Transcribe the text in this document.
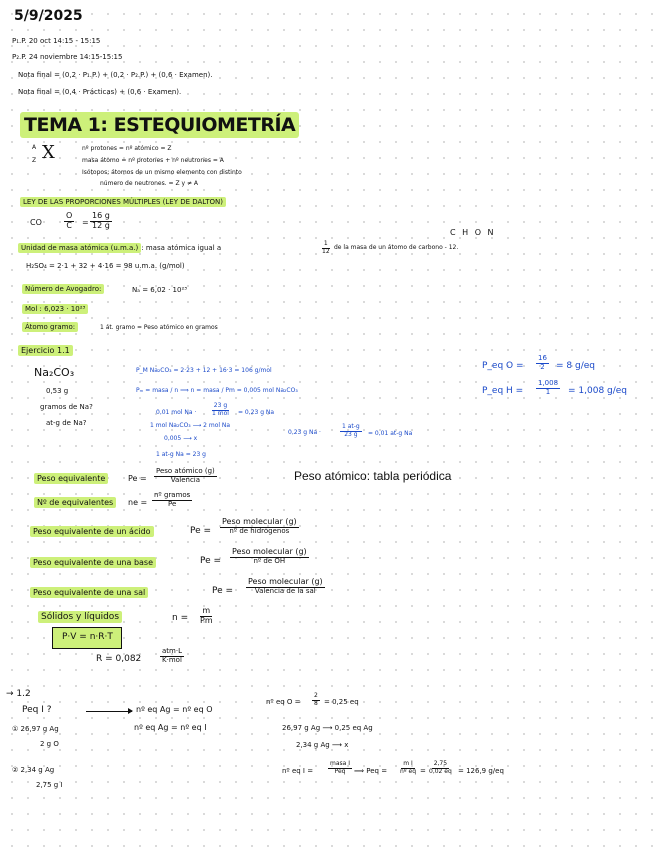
5/9/2025
P₁.P. 20 oct 14:15 - 15:15
P₂.P. 24 noviembre 14:15-15:15
Nota final = (0,2 · P₁.P.) + (0,2 · P₂.P.) + (0,6 · Examen).
Nota final = (0,4 · Prácticas) + (0,6 · Examen).
TEMA 1: ESTEQUIOMETRÍA
A
Z X	nº protones = nº atómico = Z
masa átomo = nº protones + nº neutrones = A
Isótopos: átomos de un mismo elemento con distinto
número de neutrones. = Z y ≠ A
LEY DE LAS PROPORCIONES MÚLTIPLES (LEY DE DALTON)
CO	$\frac{O}{C} = \frac{16 g}{12 g}$
C H O N
Unidad de masa atómica (u.m.a.) : masa atómica igual a	$\frac{1}{12}$ de la masa de un átomo de carbono - 12.
H₂SO₄ = 2·1 + 32 + 4·16 = 98 u.m.a. (g/mol)
Número de Avogadro:	Nₐ = 6,02 · 10²³
Mol : 6,023 · 10²³
Átomo gramo:	1 át. gramo = Peso atómico en gramos
Ejercicio 1.1
Na₂CO₃
0,53 g
gramos de Na?
at-g de Na?
P_M Na₂CO₃ = 2·23 + 12 + 16·3 = 106 g/mol
Pₘ = masa / n ⟹ n = masa / Pm = 0,005 mol Na₂CO₃
0,01 mol Na ·
23 g
1 mol	= 0,23 g Na
1 mol Na₂CO₃ ⟶ 2 mol Na
0,005 ⟶ x
1 at-g Na = 23 g
0,23 g Na ·	$\frac{1 at-g}{23 g} = 0,01$ at-g Na
P_eq $O = \frac{16}{2} = 8$ g/eq
P_eq $H = \frac{1,008}{1} = 1,008$ g/eq
Peso equivalente	Pe =
Peso atómico (g)
Valencia	Peso atómico: tabla periódica
Nº de equivalentes	ne =
nº gramos
Pe
Peso equivalente de un ácido	Pe =
Peso molecular (g)
nº de hidrógenos
Peso equivalente de una base	Pe =
Peso molecular (g)
nº de OH
Peso equivalente de una sal	Pe =
Peso molecular (g)
Valencia de la sal
Sólidos y líquidos	$n = \frac{m}{Pm}$
P·V = n·R·T
R = 0,082
atm·L
K·mol
→ 1.2
Peq I ?	nº eq Ag = nº eq O
nº eq Ag = nº eq I
① 26,97 g Ag
2 g O
② 2,34 g Ag
2,75 g I
nº eq $O = \frac{2}{8} = 0,25$ eq
26,97 g Ag ⟶ 0,25 eq Ag
2,34 g Ag ⟶ x
nº eq I =
masa I
Peq ⟹ Peq = $\frac{\text{m I}}{\text{nº eq}} = \frac{2,75}{0,02 eq} = 126,9$ g/eq
